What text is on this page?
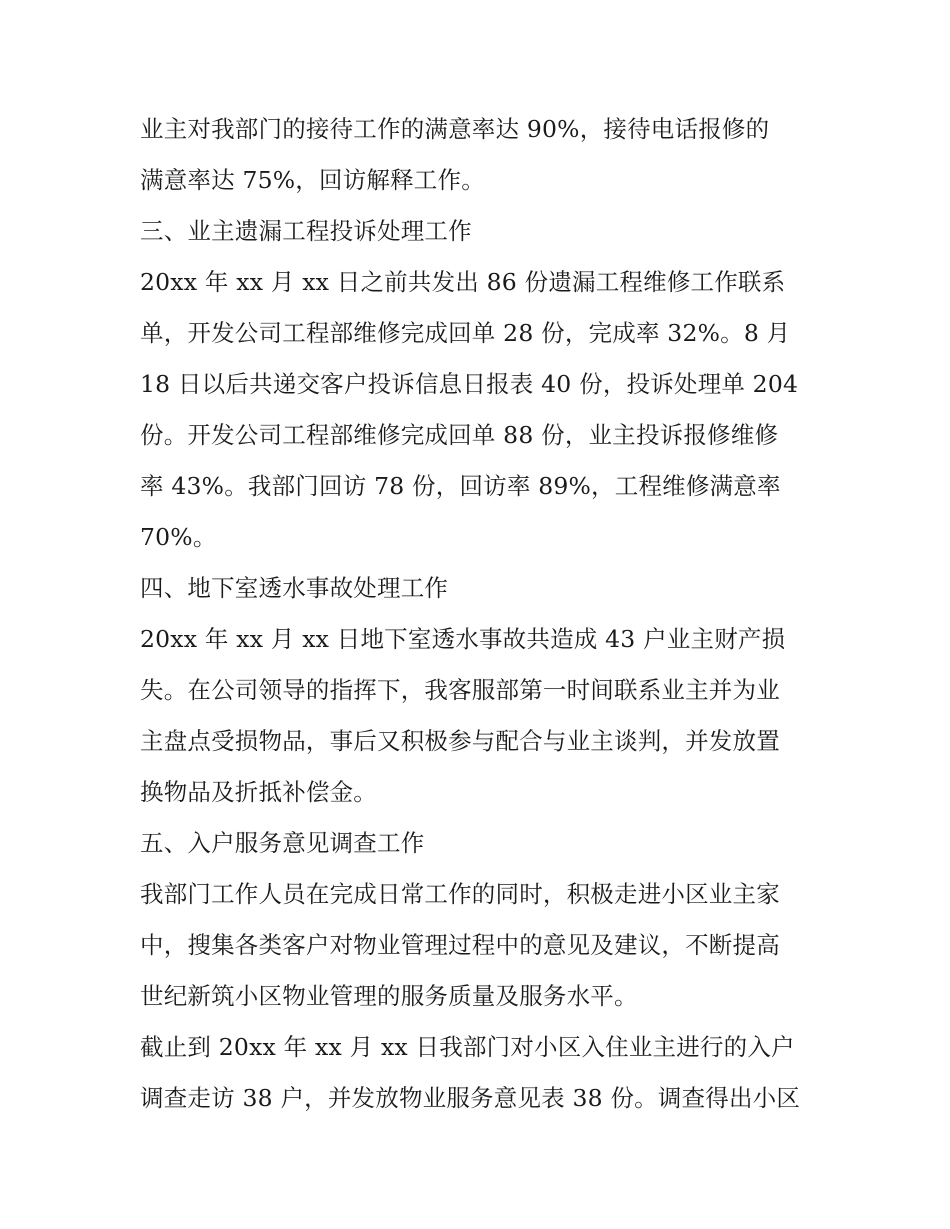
业主对我部门的接待工作的满意率达 90%，接待电话报修的
满意率达 75%，回访解释工作。
三、业主遗漏工程投诉处理工作
20xx 年 xx 月 xx 日之前共发出 86 份遗漏工程维修工作联系
单，开发公司工程部维修完成回单 28 份，完成率 32%。8 月
18 日以后共递交客户投诉信息日报表 40 份，投诉处理单 204
份。开发公司工程部维修完成回单 88 份，业主投诉报修维修
率 43%。我部门回访 78 份，回访率 89%，工程维修满意率
70%。
四、地下室透水事故处理工作
20xx 年 xx 月 xx 日地下室透水事故共造成 43 户业主财产损
失。在公司领导的指挥下，我客服部第一时间联系业主并为业
主盘点受损物品，事后又积极参与配合与业主谈判，并发放置
换物品及折抵补偿金。
五、入户服务意见调查工作
我部门工作人员在完成日常工作的同时，积极走进小区业主家
中，搜集各类客户对物业管理过程中的意见及建议，不断提高
世纪新筑小区物业管理的服务质量及服务水平。
截止到 20xx 年 xx 月 xx 日我部门对小区入住业主进行的入户
调查走访 38 户，并发放物业服务意见表 38 份。调查得出小区
